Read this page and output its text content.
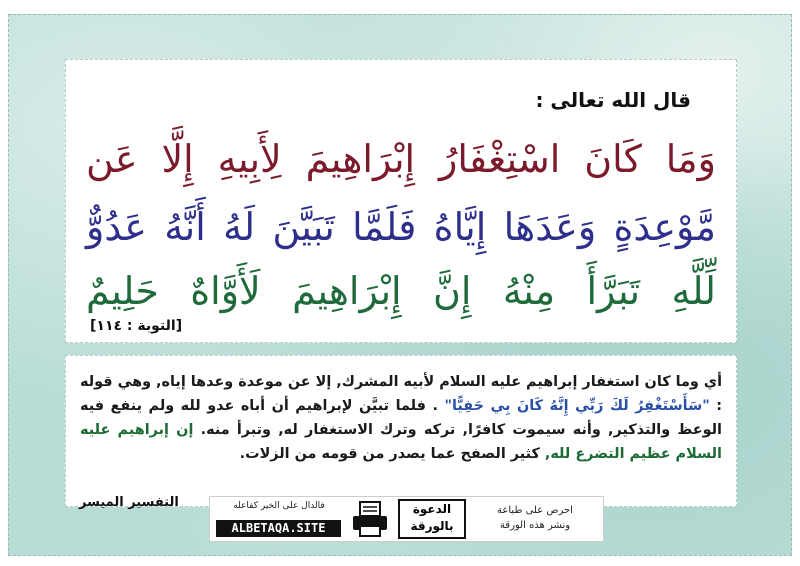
قال الله تعالى :
وَمَا كَانَ اسْتِغْفَارُ إِبْرَاهِيمَ لِأَبِيهِ إِلَّا عَن
مَّوْعِدَةٍ وَعَدَهَا إِيَّاهُ فَلَمَّا تَبَيَّنَ لَهُ أَنَّهُ عَدُوٌّ
لِّلَّهِ تَبَرَّأَ مِنْهُ إِنَّ إِبْرَاهِيمَ لَأَوَّاهٌ حَلِيمٌ
[التوبة : ١١٤]
أي وما كان استغفار إبراهيم عليه السلام لأبيه المشرك, إلا عن موعدة وعدها إياه, وهي قوله : "سَأَسْتَغْفِرُ لَكَ رَبِّي إِنَّهُ كَانَ بِي حَفِيًّا" . فلما تبيَّن لإبراهيم أن أباه عدو لله ولم ينفع فيه الوعظ والتذكير, وأنه سيموت كافرًا, تركه وترك الاستغفار له, وتبرأ منه. إن إبراهيم عليه السلام عظيم التضرع لله, كثير الصفح عما يصدر من قومه من الزلات.
التفسير الميسر	فالدال على الخير كفاعله
ALBETAQA.SITE
الدعوة
بالورقة
احرص على طباعة
ونشر هذه الورقة
